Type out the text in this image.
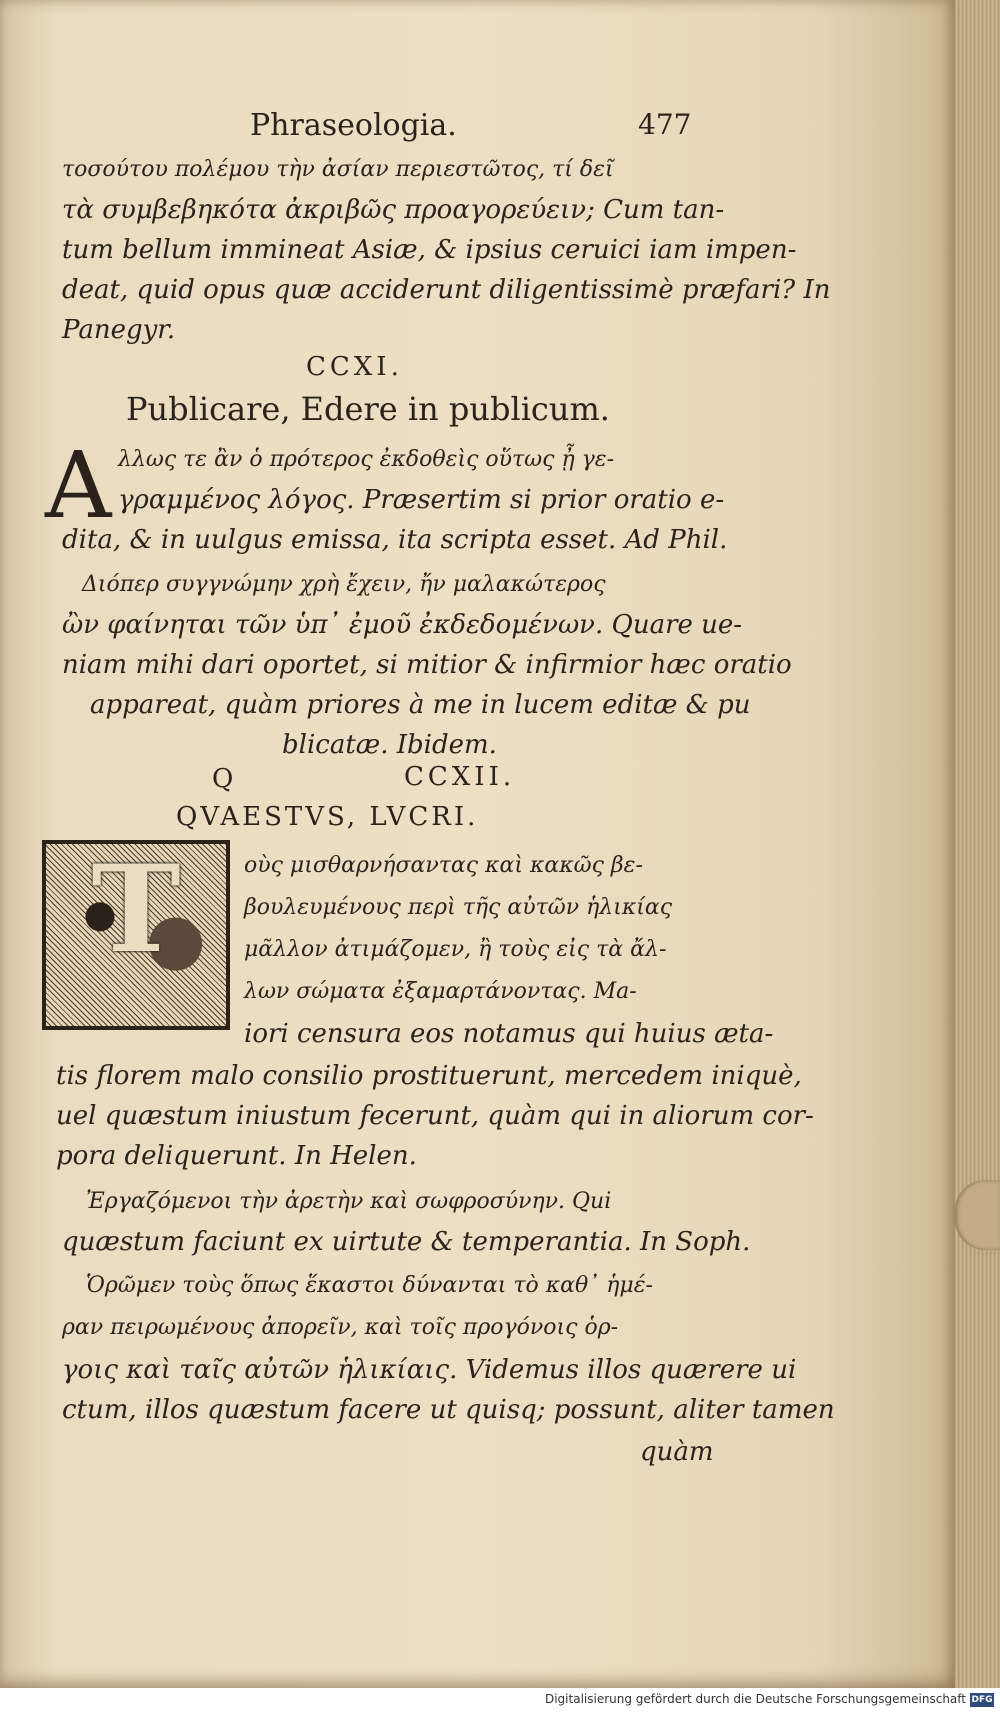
Phraseologia.	477
τοσούτου πολέμου τὴν ἀσίαν περιεστῶτος, τί δεῖ
τὰ συμβεβηκότα ἀκριβῶς προαγορεύειν; Cum tan-
tum bellum immineat Asiæ, & ipsius ceruici iam impen-
deat, quid opus quæ acciderunt diligentissimè præfari? In
Panegyr.
CCXI.
Publicare, Edere in publicum.
A λλως τε ἂν ὁ πρότερος ἐκδοθεὶς οὕτως ᾖ γε-
γραμμένος λόγος. Præsertim si prior oratio e-
dita, & in uulgus emissa, ita scripta esset. Ad Phil.
Διόπερ συγγνώμην χρὴ ἔχειν, ἤν μαλακώτερος
ὢν φαίνηται τῶν ὑπ᾽ ἐμοῦ ἐκδεδομένων. Quare ue-
niam mihi dari oportet, si mitior & infirmior hæc oratio
appareat, quàm priores à me in lucem editæ & pu
blicatæ. Ibidem.
Q	CCXII.
QVAESTVS, LVCRI.
T	οὺς μισθαρνήσαντας καὶ κακῶς βε-
βουλευμένους περὶ τῆς αὐτῶν ἡλικίας
μᾶλλον ἀτιμάζομεν, ἢ τοὺς εἰς τὰ ἄλ-
λων σώματα ἐξαμαρτάνοντας. Ma-
iori censura eos notamus qui huius æta-
tis florem malo consilio prostituerunt, mercedem iniquè,
uel quæstum iniustum fecerunt, quàm qui in aliorum cor-
pora deliquerunt. In Helen.
Ἐργαζόμενοι τὴν ἀρετὴν καὶ σωφροσύνην. Qui
quæstum faciunt ex uirtute & temperantia. In Soph.
Ὁρῶμεν τοὺς ὅπως ἕκαστοι δύνανται τὸ καθ᾽ ἡμέ-
ραν πειρωμένους ἀπορεῖν, καὶ τοῖς προγόνοις ὁρ-
γοις καὶ ταῖς αὐτῶν ἡλικίαις. Videmus illos quærere ui
ctum, illos quæstum facere ut quisq; possunt, aliter tamen
quàm
Digitalisierung gefördert durch die Deutsche Forschungsgemeinschaft DFG
